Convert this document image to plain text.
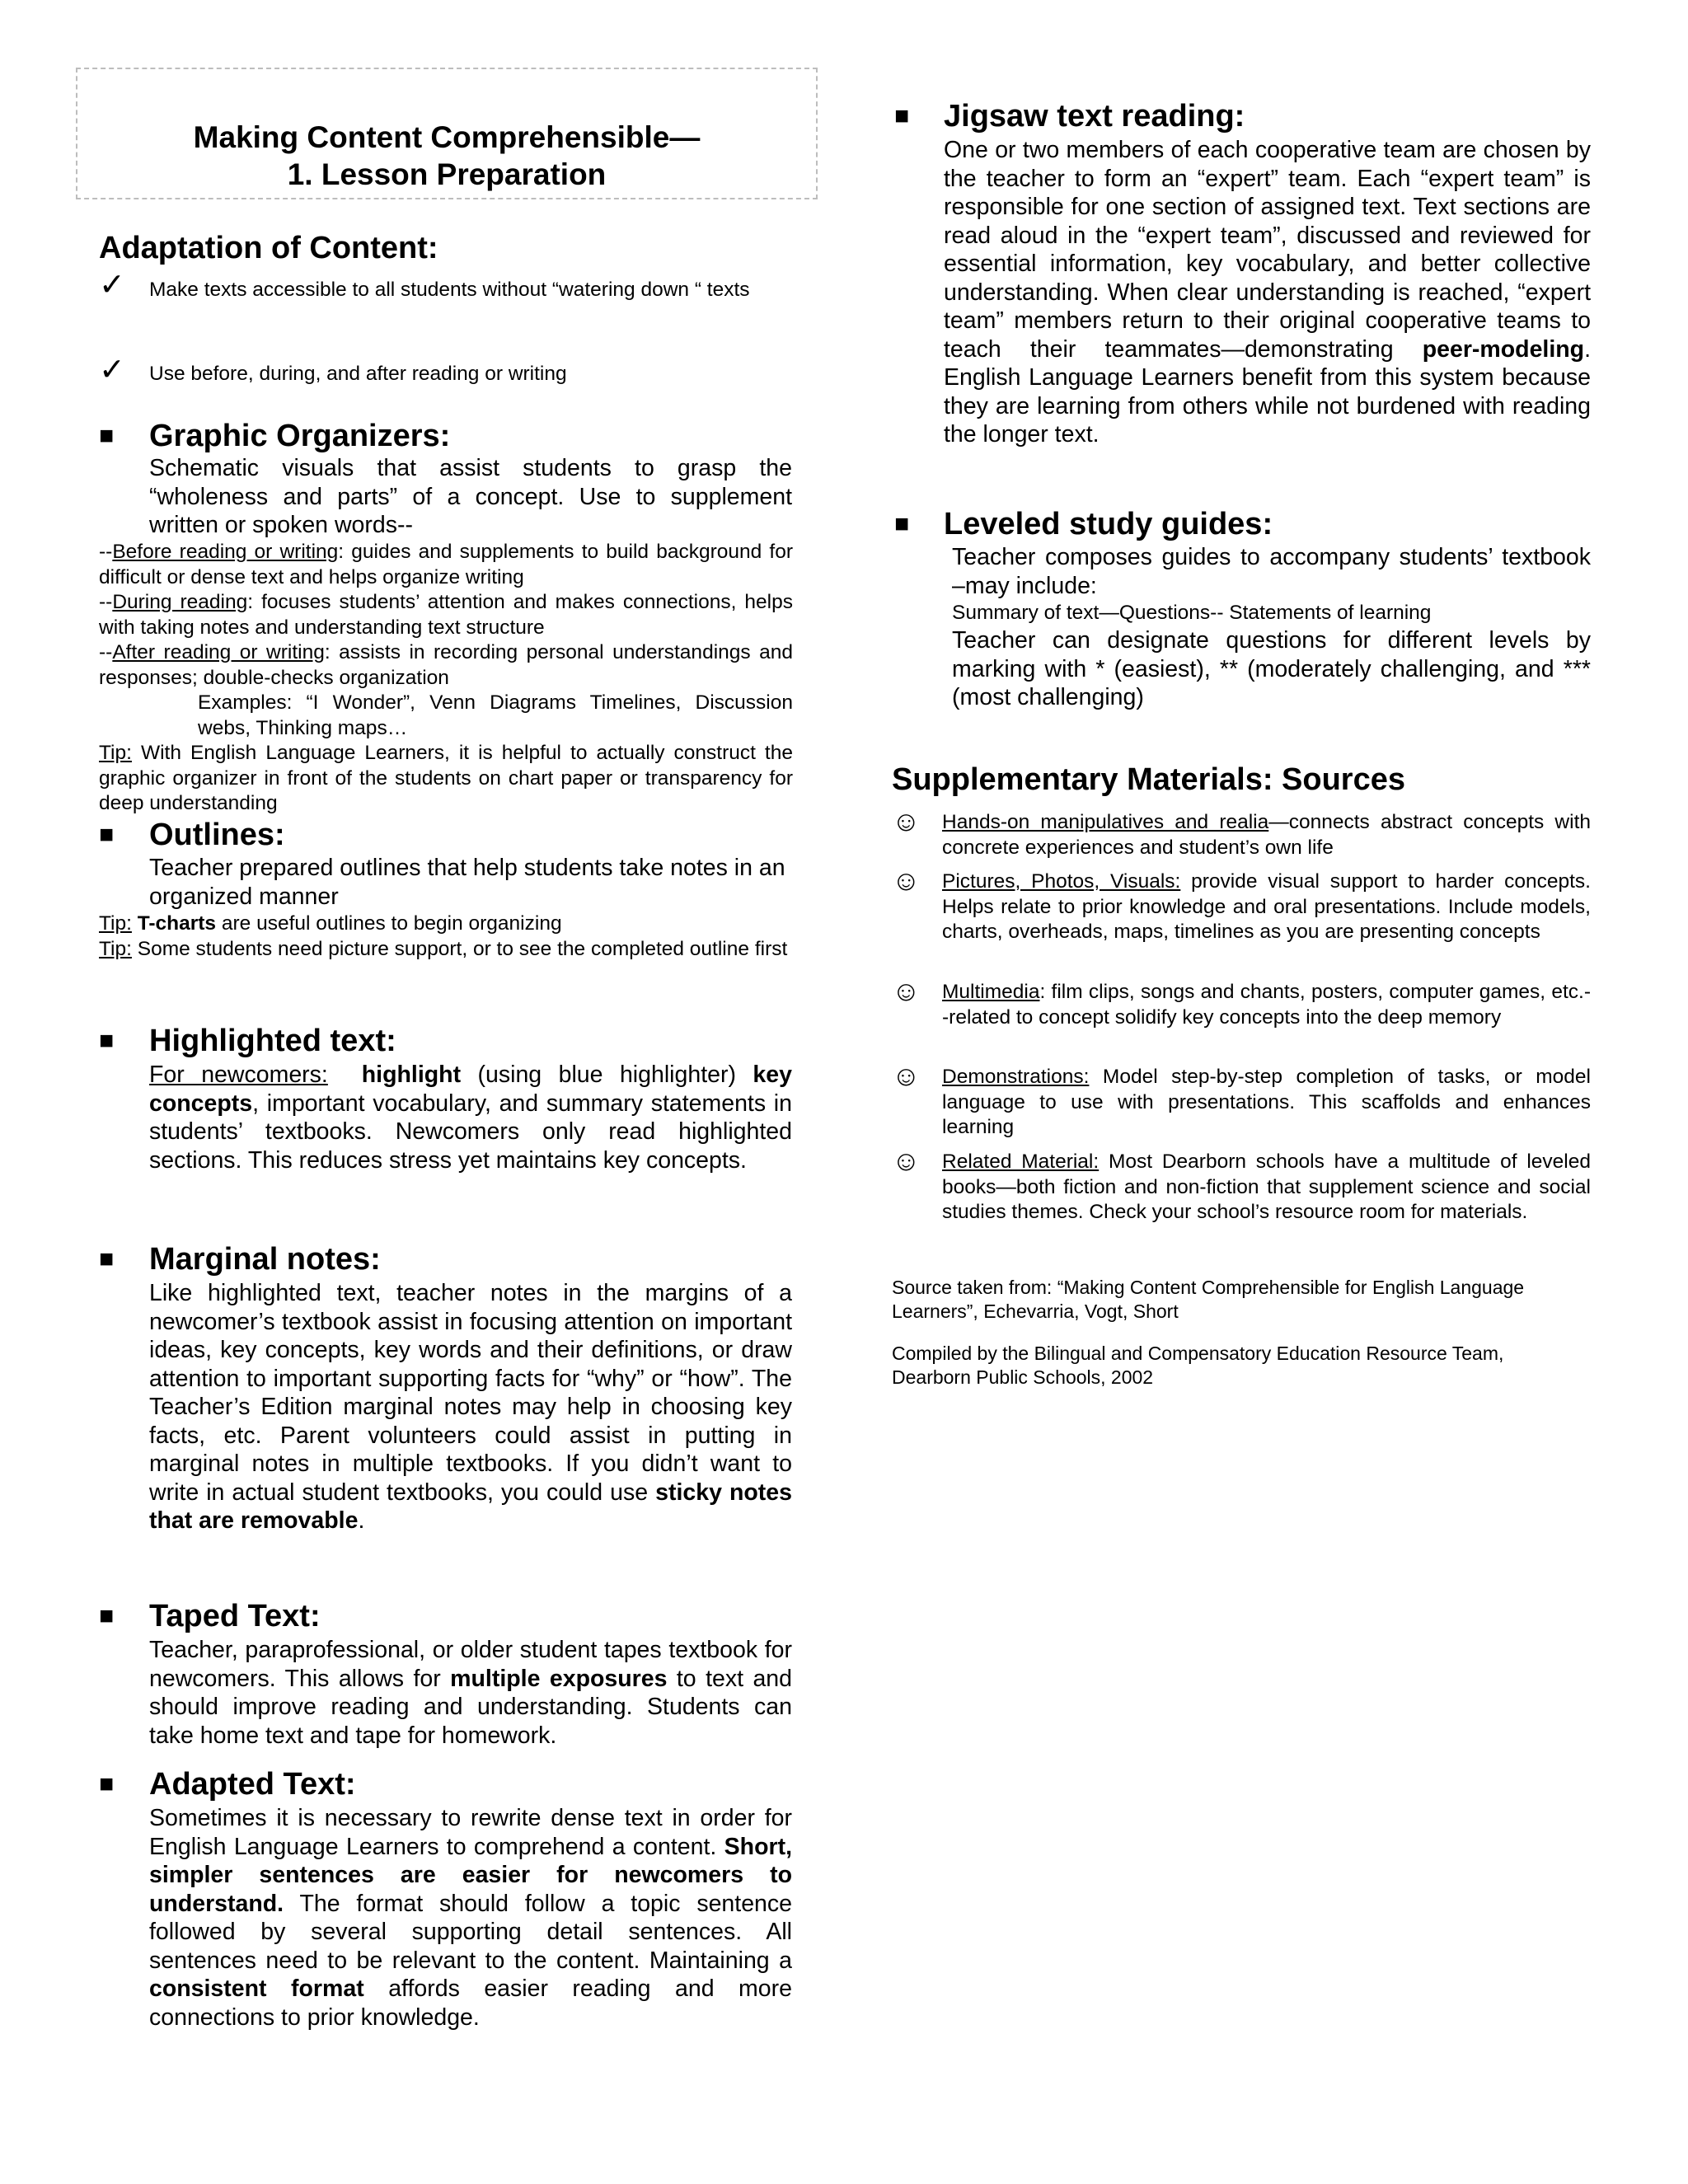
Making Content Comprehensible—
1. Lesson Preparation
Adaptation of Content:
✓ Make texts accessible to all students without “watering down “ texts
✓ Use before, during, and after reading or writing
■ Graphic Organizers:
Schematic visuals that assist students to grasp the “wholeness and parts” of a concept. Use to supplement written or spoken words--
--Before reading or writing: guides and supplements to build background for difficult or dense text and helps organize writing
--During reading: focuses students’ attention and makes connections, helps with taking notes and understanding text structure
--After reading or writing: assists in recording personal understandings and responses; double-checks organization
Examples: “I Wonder”, Venn Diagrams Timelines, Discussion webs, Thinking maps…
Tip: With English Language Learners, it is helpful to actually construct the graphic organizer in front of the students on chart paper or transparency for deep understanding
■ Outlines:
Teacher prepared outlines that help students take notes in an organized manner
Tip: T-charts are useful outlines to begin organizing
Tip: Some students need picture support, or to see the completed outline first
■ Highlighted text:
For newcomers: highlight (using blue highlighter) key concepts, important vocabulary, and summary statements in students’ textbooks. Newcomers only read highlighted sections. This reduces stress yet maintains key concepts.
■ Marginal notes:
Like highlighted text, teacher notes in the margins of a newcomer’s textbook assist in focusing attention on important ideas, key concepts, key words and their definitions, or draw attention to important supporting facts for “why” or “how”. The Teacher’s Edition marginal notes may help in choosing key facts, etc. Parent volunteers could assist in putting in marginal notes in multiple textbooks. If you didn’t want to write in actual student textbooks, you could use sticky notes that are removable.
■ Taped Text:
Teacher, paraprofessional, or older student tapes textbook for newcomers. This allows for multiple exposures to text and should improve reading and understanding. Students can take home text and tape for homework.
■ Adapted Text:
Sometimes it is necessary to rewrite dense text in order for English Language Learners to comprehend a content. Short, simpler sentences are easier for newcomers to understand. The format should follow a topic sentence followed by several supporting detail sentences. All sentences need to be relevant to the content. Maintaining a consistent format affords easier reading and more connections to prior knowledge.
■ Jigsaw text reading:
One or two members of each cooperative team are chosen by the teacher to form an “expert” team. Each “expert team” is responsible for one section of assigned text. Text sections are read aloud in the “expert team”, discussed and reviewed for essential information, key vocabulary, and better collective understanding. When clear understanding is reached, “expert team” members return to their original cooperative teams to teach their teammates—demonstrating peer-modeling. English Language Learners benefit from this system because they are learning from others while not burdened with reading the longer text.
■ Leveled study guides:
Teacher composes guides to accompany students’ textbook –may include:
Summary of text—Questions-- Statements of learning
Teacher can designate questions for different levels by marking with * (easiest), ** (moderately challenging, and *** (most challenging)
Supplementary Materials: Sources
☺ Hands-on manipulatives and realia—connects abstract concepts with concrete experiences and student’s own life
☺ Pictures, Photos, Visuals: provide visual support to harder concepts. Helps relate to prior knowledge and oral presentations. Include models, charts, overheads, maps, timelines as you are presenting concepts
☺ Multimedia: film clips, songs and chants, posters, computer games, etc.--related to concept solidify key concepts into the deep memory
☺ Demonstrations: Model step-by-step completion of tasks, or model language to use with presentations. This scaffolds and enhances learning
☺ Related Material: Most Dearborn schools have a multitude of leveled books—both fiction and non-fiction that supplement science and social studies themes. Check your school’s resource room for materials.
Source taken from: “Making Content Comprehensible for English Language
Learners”, Echevarria, Vogt, Short
Compiled by the Bilingual and Compensatory Education Resource Team,
Dearborn Public Schools, 2002
